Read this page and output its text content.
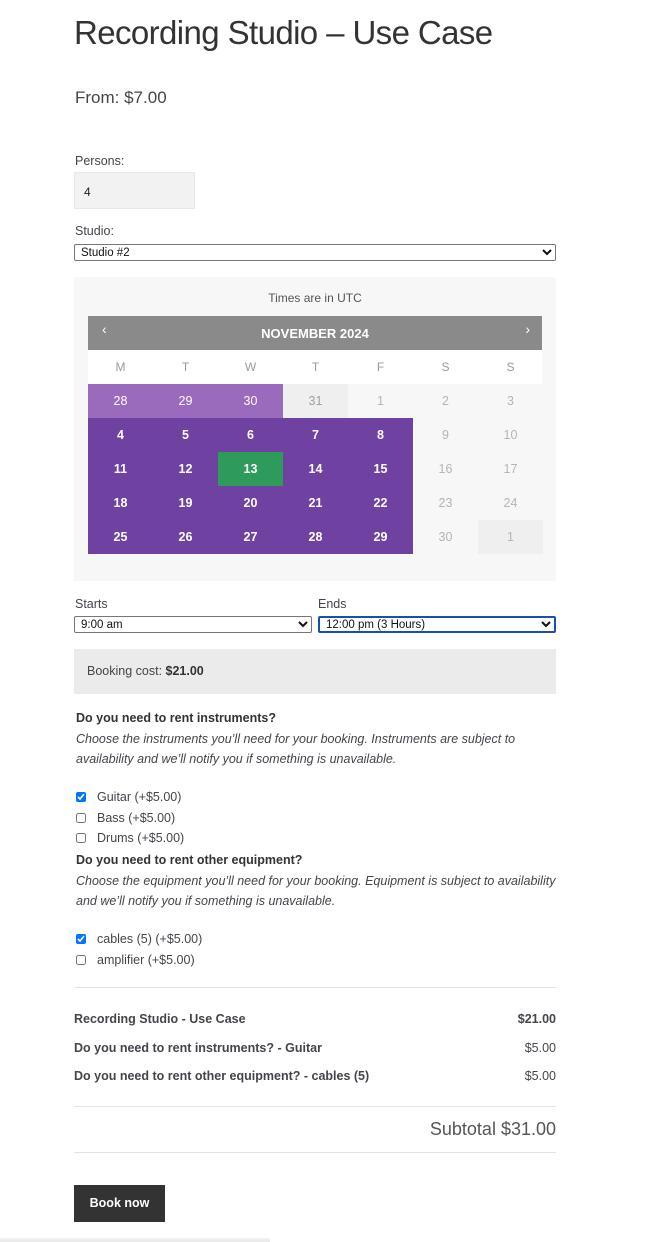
Recording Studio – Use Case
From: $7.00
Persons:
4
Studio:
Studio #2
Times are in UTC
‹	NOVEMBER 2024	›
M	T	W	T	F	S	S
28	29	30	31	1	2	3
4	5	6	7	8	9	10
11	12	13	14	15	16	17
18	19	20	21	22	23	24
25	26	27	28	29	30	1
Starts
9:00 am	Ends
12:00 pm (3 Hours)
Booking cost: $21.00
Do you need to rent instruments?
Choose the instruments you’ll need for your booking. Instruments are subject to availability and we’ll notify you if something is unavailable.
Guitar (+$5.00)
Bass (+$5.00)
Drums (+$5.00)
Do you need to rent other equipment?
Choose the equipment you’ll need for your booking. Equipment is subject to availability and we’ll notify you if something is unavailable.
cables (5) (+$5.00)
amplifier (+$5.00)
Recording Studio - Use Case	$21.00
Do you need to rent instruments? - Guitar	$5.00
Do you need to rent other equipment? - cables (5)	$5.00
Subtotal $31.00
Book now
